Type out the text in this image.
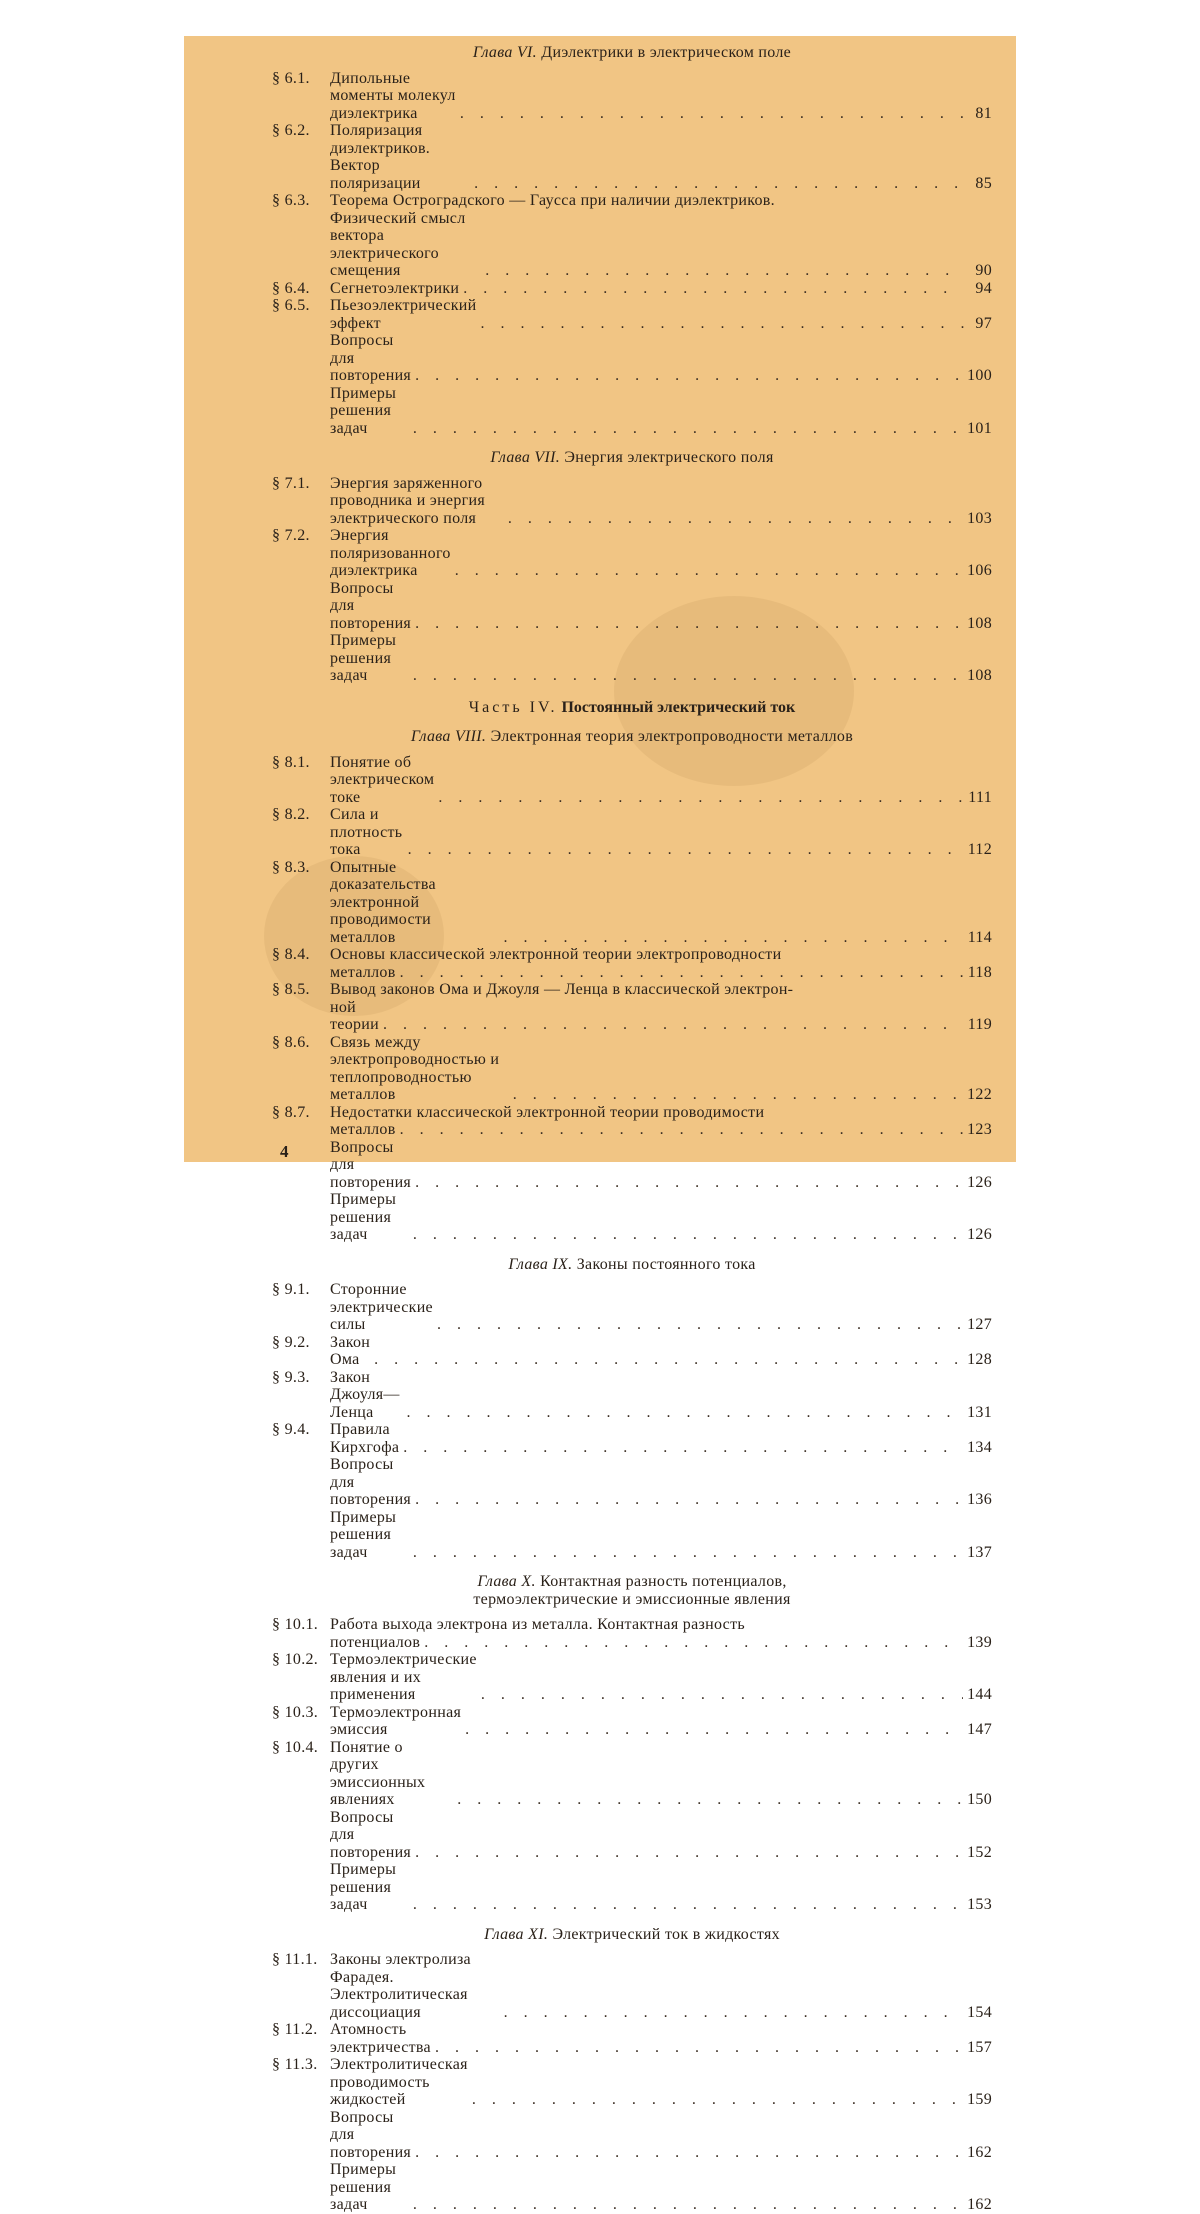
Глава VI. Диэлектрики в электрическом поле
§ 6.1.	Дипольные моменты молекул диэлектрика . . .	81
§ 6.2.	Поляризация диэлектриков. Вектор поляризации . . .	85
§ 6.3.	Теорема Остроградского — Гаусса при наличии диэлектриков.
Физический смысл вектора электрического смещения . . .	90
§ 6.4.	Сегнетоэлектрики . . .	94
§ 6.5.	Пьезоэлектрический эффект . . .	97
Вопросы для повторения . . .	100
Примеры решения задач . . .	101
Глава VII. Энергия электрического поля
§ 7.1.	Энергия заряженного проводника и энергия электрического поля . . .	103
§ 7.2.	Энергия поляризованного диэлектрика . . .	106
Вопросы для повторения . . .	108
Примеры решения задач . . .	108
Часть IV. Постоянный электрический ток
Глава VIII. Электронная теория электропроводности металлов
§ 8.1.	Понятие об электрическом токе . . .	111
§ 8.2.	Сила и плотность тока . . .	112
§ 8.3.	Опытные доказательства электронной проводимости металлов . . .	114
§ 8.4.	Основы классической электронной теории электропроводности
металлов . . .	118
§ 8.5.	Вывод законов Ома и Джоуля — Ленца в классической электрон-
ной теории . . .	119
§ 8.6.	Связь между электропроводностью и теплопроводностью металлов . . .	122
§ 8.7.	Недостатки классической электронной теории проводимости
металлов . . .	123
Вопросы для повторения . . .	126
Примеры решения задач . . .	126
Глава IX. Законы постоянного тока
§ 9.1.	Сторонние электрические силы . . .	127
§ 9.2.	Закон Ома . . .	128
§ 9.3.	Закон Джоуля—Ленца . . .	131
§ 9.4.	Правила Кирхгофа . . .	134
Вопросы для повторения . . .	136
Примеры решения задач . . .	137
Глава X. Контактная разность потенциалов,
термоэлектрические и эмиссионные явления
§ 10.1. Работа выхода электрона из металла. Контактная разность
потенциалов . . .	139
§ 10.2. Термоэлектрические явления и их применения . . .	144
§ 10.3. Термоэлектронная эмиссия . . .	147
§ 10.4. Понятие о других эмиссионных явлениях . . .	150
Вопросы для повторения . . .	152
Примеры решения задач . . .	153
Глава XI. Электрический ток в жидкостях
§ 11.1. Законы электролиза Фарадея. Электролитическая диссоциация . . .	154
§ 11.2. Атомность электричества . . .	157
§ 11.3. Электролитическая проводимость жидкостей . . .	159
Вопросы для повторения . . .	162
Примеры решения задач . . .	162
4
